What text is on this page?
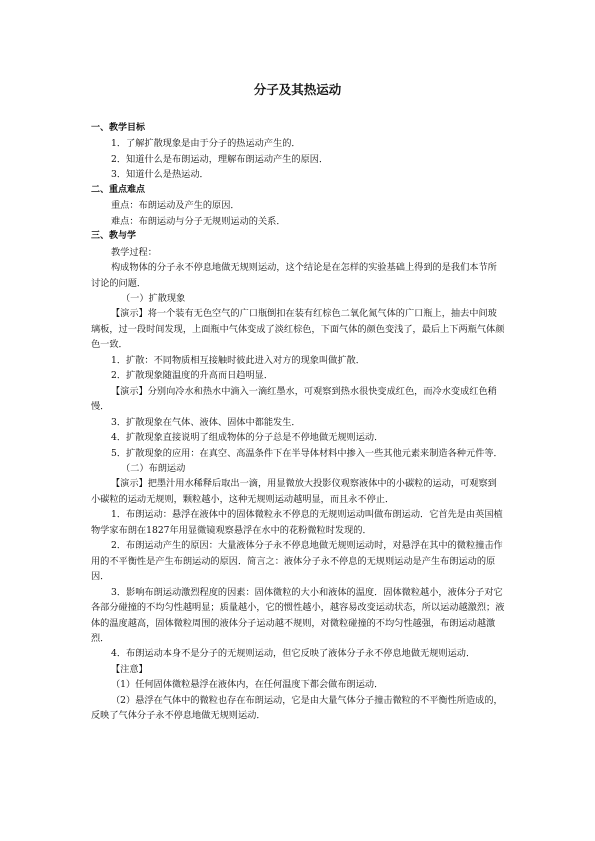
分子及其热运动

一、教学目标

1．了解扩散现象是由于分子的热运动产生的．

2．知道什么是布朗运动，理解布朗运动产生的原因．

3．知道什么是热运动．

二、重点难点

重点：布朗运动及产生的原因．

难点：布朗运动与分子无规则运动的关系．

三、教与学

教学过程：

构成物体的分子永不停息地做无规则运动，这个结论是在怎样的实验基础上得到的是我们本节所讨论的问题．

（一）扩散现象

【演示】将一个装有无色空气的广口瓶倒扣在装有红棕色二氧化氮气体的广口瓶上，抽去中间玻璃板，过一段时间发现，上面瓶中气体变成了淡红棕色，下面气体的颜色变浅了，最后上下两瓶气体颜色一致．

1．扩散：不同物质相互接触时彼此进入对方的现象叫做扩散．

2．扩散现象随温度的升高而日趋明显．

【演示】分别向冷水和热水中滴入一滴红墨水，可观察到热水很快变成红色，而冷水变成红色稍慢．

3．扩散现象在气体、液体、固体中都能发生．

4．扩散现象直接说明了组成物体的分子总是不停地做无规则运动．

5．扩散现象的应用：在真空、高温条件下在半导体材料中掺入一些其他元素来制造各种元件等．

（二）布朗运动

【演示】把墨汁用水稀释后取出一滴，用显微放大投影仪观察液体中的小碳粒的运动，可观察到小碳粒的运动无规则，颗粒越小，这种无规则运动越明显，而且永不停止．

1．布朗运动：悬浮在液体中的固体微粒永不停息的无规则运动叫做布朗运动．它首先是由英国植物学家布朗在1827年用显微镜观察悬浮在水中的花粉微粒时发现的．

2．布朗运动产生的原因：大量液体分子永不停息地做无规则运动时，对悬浮在其中的微粒撞击作用的不平衡性是产生布朗运动的原因．简言之：液体分子永不停息的无规则运动是产生布朗运动的原因．

3．影响布朗运动激烈程度的因素：固体微粒的大小和液体的温度．固体微粒越小，液体分子对它各部分碰撞的不均匀性越明显；质量越小，它的惯性越小，越容易改变运动状态，所以运动越激烈；液体的温度越高，固体微粒周围的液体分子运动越不规则，对微粒碰撞的不均匀性越强，布朗运动越激烈．

4．布朗运动本身不是分子的无规则运动，但它反映了液体分子永不停息地做无规则运动．

【注意】

（1）任何固体微粒悬浮在液体内，在任何温度下都会做布朗运动．

（2）悬浮在气体中的微粒也存在布朗运动，它是由大量气体分子撞击微粒的不平衡性所造成的，反映了气体分子永不停息地做无规则运动．
